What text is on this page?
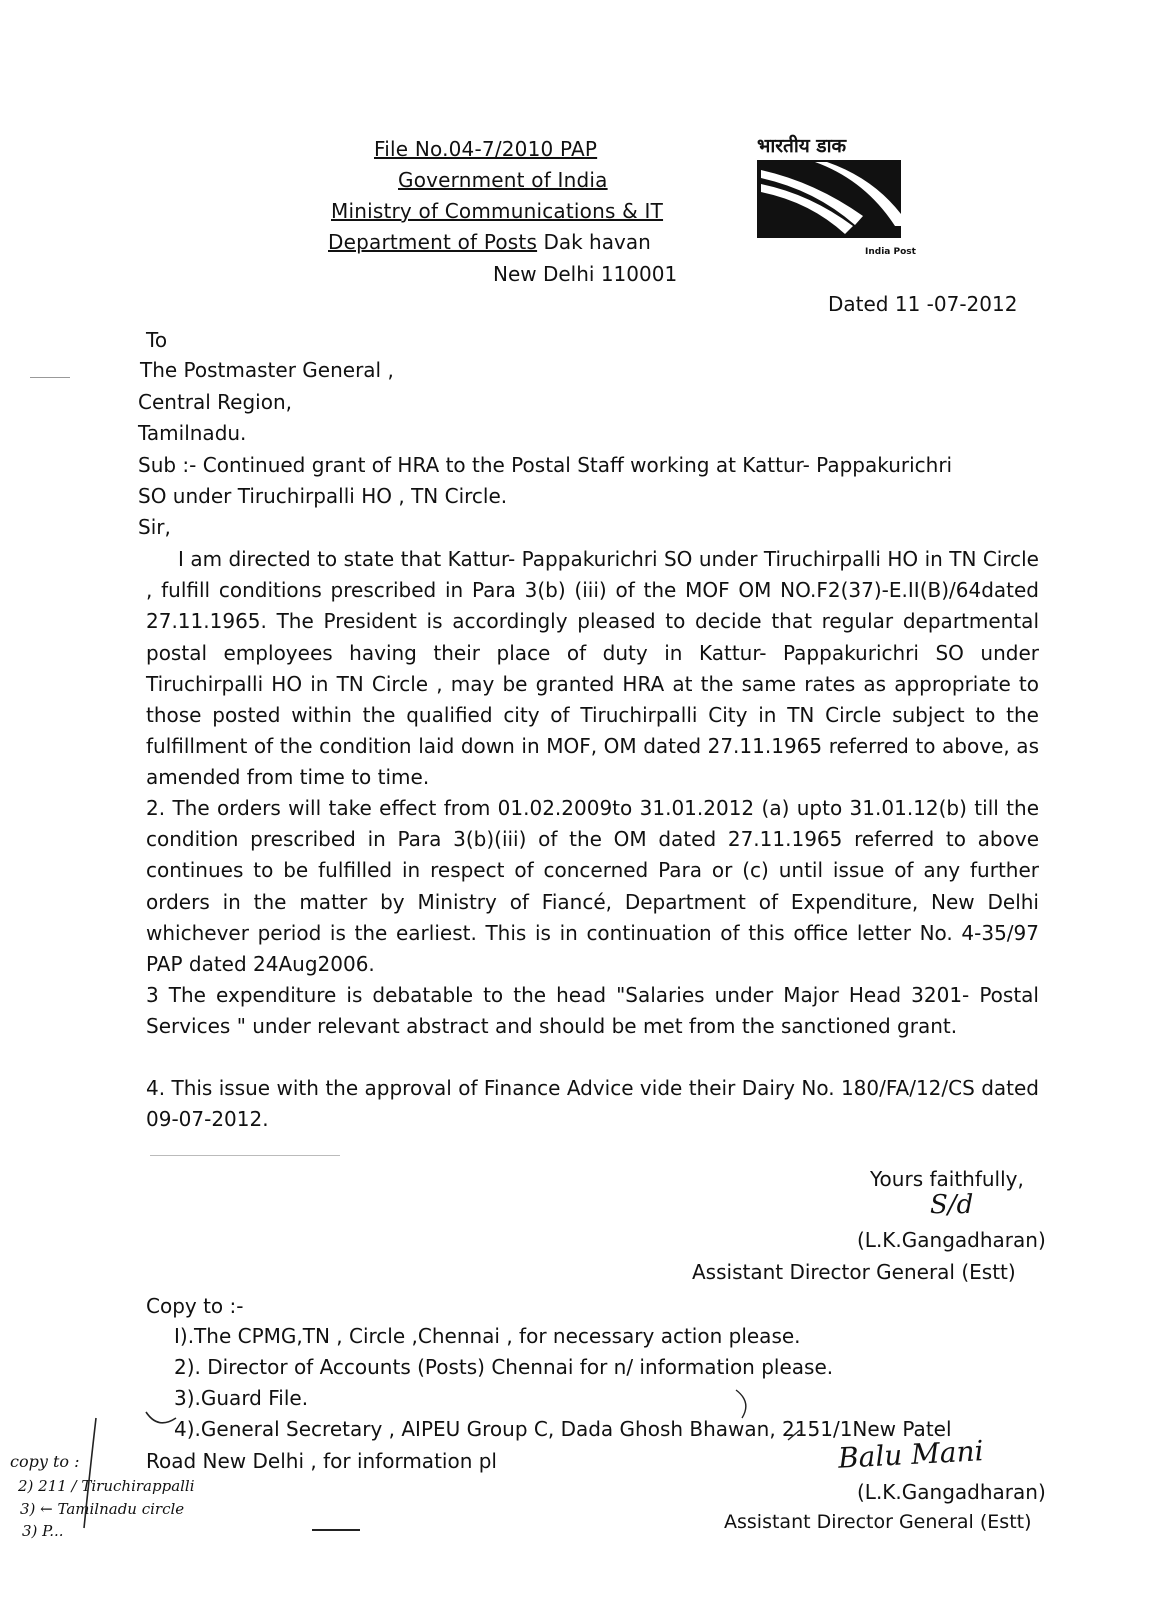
File No.04-7/2010 PAP
Government of India
Ministry of Communications & IT
Department of Posts Dak havan
New Delhi 110001
Dated 11 -07-2012
भारतीय डाक
India Post
To
The Postmaster General ,
Central Region,
Tamilnadu.
Sub :- Continued grant of HRA to the Postal Staff working at Kattur- Pappakurichri
SO under Tiruchirpalli HO , TN Circle.
Sir,
I am directed to state that Kattur- Pappakurichri SO under Tiruchirpalli HO in TN Circle , fulfill conditions prescribed in Para 3(b) (iii) of the MOF OM NO.F2(37)-E.II(B)/64dated 27.11.1965. The President is accordingly pleased to decide that regular departmental postal employees having their place of duty in Kattur- Pappakurichri SO under Tiruchirpalli HO in TN Circle , may be granted HRA at the same rates as appropriate to those posted within the qualified city of Tiruchirpalli City in TN Circle subject to the fulfillment of the condition laid down in MOF, OM dated 27.11.1965 referred to above, as amended from time to time.
2. The orders will take effect from 01.02.2009to 31.01.2012 (a) upto 31.01.12(b) till the condition prescribed in Para 3(b)(iii) of the OM dated 27.11.1965 referred to above continues to be fulfilled in respect of concerned Para or (c) until issue of any further orders in the matter by Ministry of Fiancé, Department of Expenditure, New Delhi whichever period is the earliest. This is in continuation of this office letter No. 4-35/97 PAP dated 24Aug2006.
3 The expenditure is debatable to the head "Salaries under Major Head 3201- Postal Services " under relevant abstract and should be met from the sanctioned grant.
4. This issue with the approval of Finance Advice vide their Dairy No. 180/FA/12/CS dated 09-07-2012.
Yours faithfully,
S/d
(L.K.Gangadharan)
Assistant Director General (Estt)
Copy to :-
I).The CPMG,TN , Circle ,Chennai , for necessary action please.
2). Director of Accounts (Posts) Chennai for n/ information please.
3).Guard File.
4).General Secretary , AIPEU Group C, Dada Ghosh Bhawan, 2151/1New Patel
Road New Delhi , for information pl	Balu Mani
(L.K.Gangadharan)
Assistant Director General (Estt)
copy to :
2) 211 / Tiruchirappalli
3) ← Tamilnadu circle
3) P...
